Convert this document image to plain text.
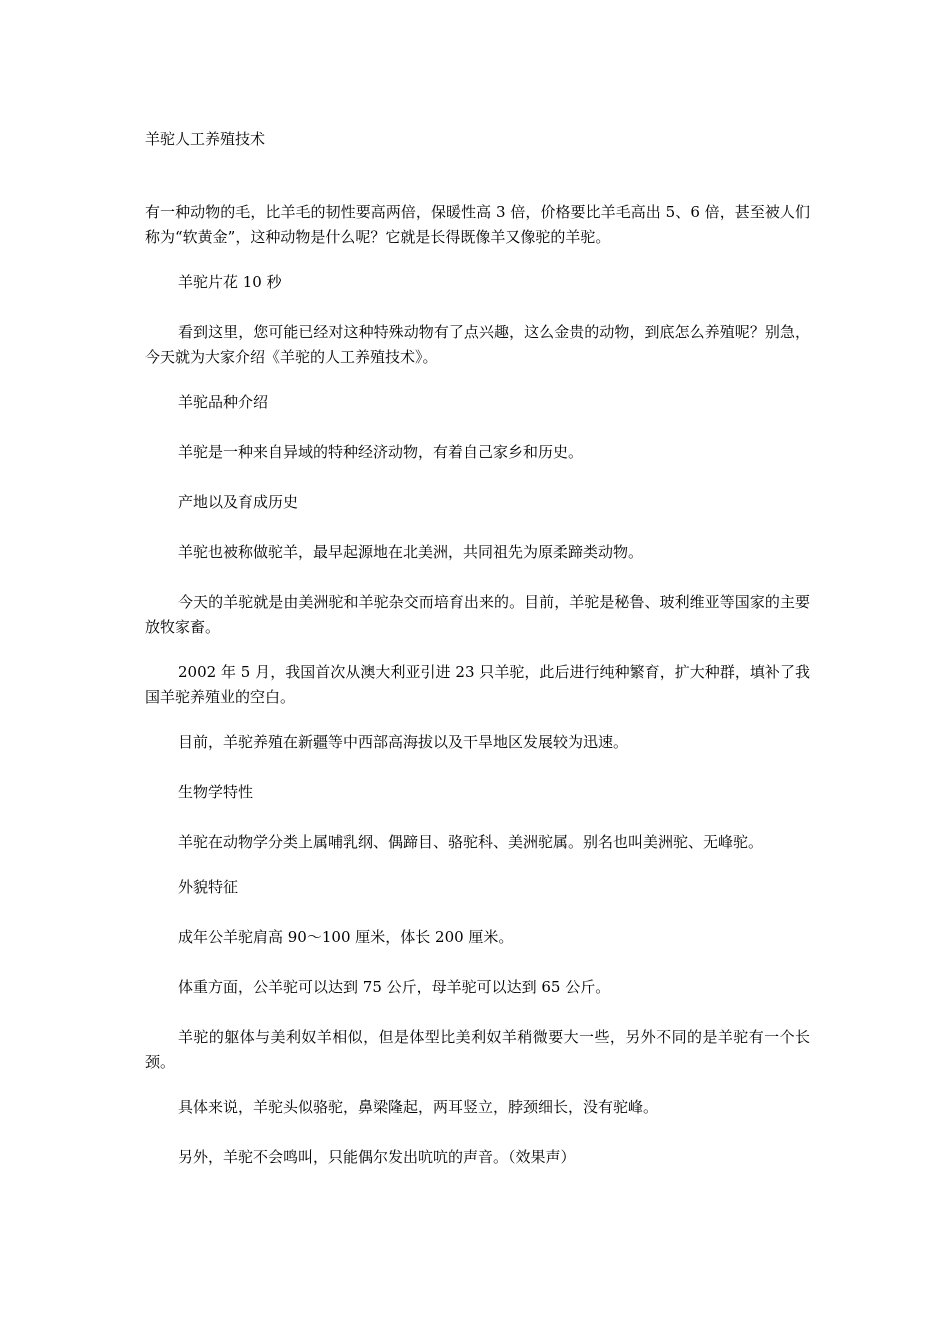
羊驼人工养殖技术

有一种动物的毛，比羊毛的韧性要高两倍，保暖性高 3 倍，价格要比羊毛高出 5、6 倍，甚至被人们称为“软黄金”，这种动物是什么呢？它就是长得既像羊又像驼的羊驼。

羊驼片花 10 秒

看到这里，您可能已经对这种特殊动物有了点兴趣，这么金贵的动物，到底怎么养殖呢？别急，今天就为大家介绍《羊驼的人工养殖技术》。

羊驼品种介绍

羊驼是一种来自异域的特种经济动物，有着自己家乡和历史。

产地以及育成历史

羊驼也被称做驼羊，最早起源地在北美洲，共同祖先为原柔蹄类动物。

今天的羊驼就是由美洲驼和羊驼杂交而培育出来的。目前，羊驼是秘鲁、玻利维亚等国家的主要放牧家畜。

2002 年 5 月，我国首次从澳大利亚引进 23 只羊驼，此后进行纯种繁育，扩大种群，填补了我国羊驼养殖业的空白。

目前，羊驼养殖在新疆等中西部高海拔以及干旱地区发展较为迅速。

生物学特性

羊驼在动物学分类上属哺乳纲、偶蹄目、骆驼科、美洲驼属。别名也叫美洲驼、无峰驼。

外貌特征

成年公羊驼肩高 90～100 厘米，体长 200 厘米。

体重方面，公羊驼可以达到 75 公斤，母羊驼可以达到 65 公斤。

羊驼的躯体与美利奴羊相似，但是体型比美利奴羊稍微要大一些，另外不同的是羊驼有一个长颈。

具体来说，羊驼头似骆驼，鼻梁隆起，两耳竖立，脖颈细长，没有驼峰。

另外，羊驼不会鸣叫，只能偶尔发出吭吭的声音。（效果声）
